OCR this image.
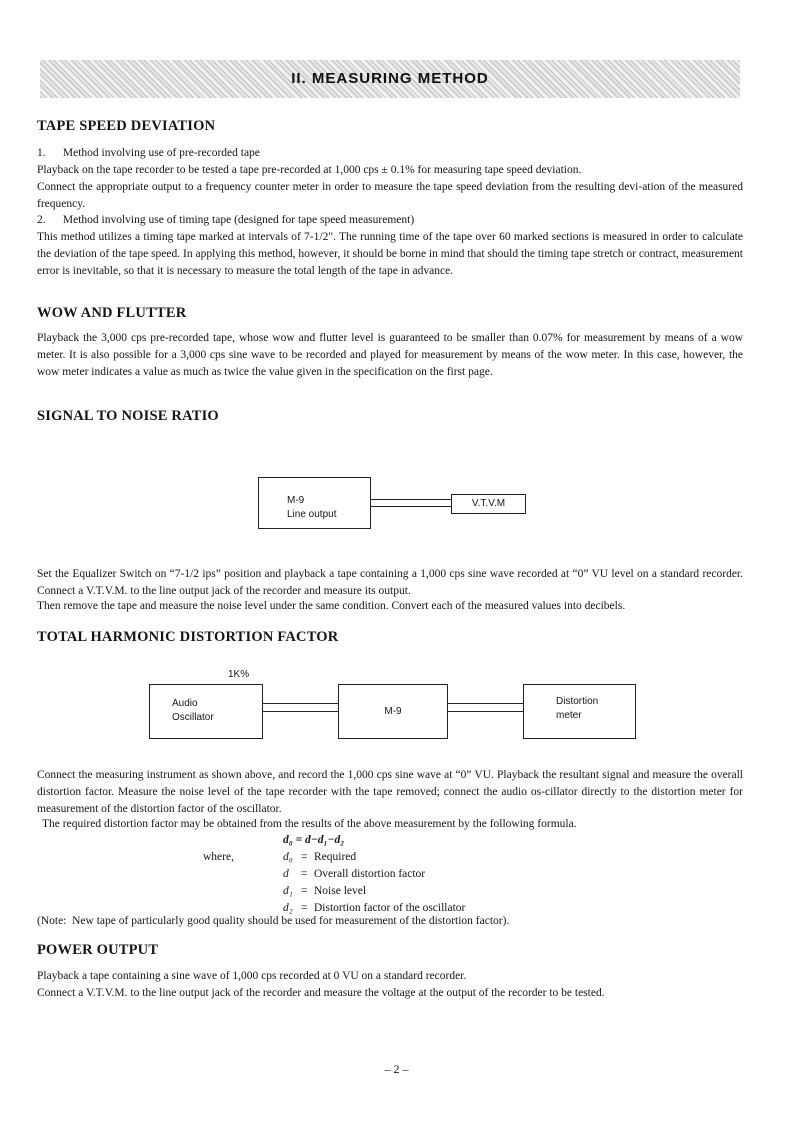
II. MEASURING METHOD
TAPE SPEED DEVIATION

1.      Method involving use of pre-recorded tape

Playback on the tape recorder to be tested a tape pre-recorded at 1,000 cps ± 0.1% for measuring tape speed deviation.

Connect the appropriate output to a frequency counter meter in order to measure the tape speed deviation from the resulting devi-ation of the measured frequency.

2.      Method involving use of timing tape (designed for tape speed measurement)

This method utilizes a timing tape marked at intervals of 7-1/2". The running time of the tape over 60 marked sections is measured in order to calculate the deviation of the tape speed. In applying this method, however, it should be borne in mind that should the timing tape stretch or contract, measurement error is inevitable, so that it is necessary to measure the total length of the tape in advance.

WOW AND FLUTTER

Playback the 3,000 cps pre-recorded tape, whose wow and flutter level is guaranteed to be smaller than 0.07% for measurement by means of a wow meter. It is also possible for a 3,000 cps sine wave to be recorded and played for measurement by means of the wow meter. In this case, however, the wow meter indicates a value as much as twice the value given in the specification on the first page.

SIGNAL TO NOISE RATIO
M-9
Line output
V.T.V.M

Set the Equalizer Switch on “7-1/2 ips” position and playback a tape containing a 1,000 cps sine wave recorded at “0” VU level on a standard recorder. Connect a V.T.V.M. to the line output jack of the recorder and measure its output.

Then remove the tape and measure the noise level under the same condition. Convert each of the measured values into decibels.

TOTAL HARMONIC DISTORTION FACTOR
1K%
Audio
Oscillator
M-9
Distortion
meter

Connect the measuring instrument as shown above, and record the 1,000 cps sine wave at “0” VU. Playback the resultant signal and measure the overall distortion factor. Measure the noise level of the tape recorder with the tape removed; connect the audio os-cillator directly to the distortion meter for measurement of the distortion factor of the oscillator.

The required distortion factor may be obtained from the results of the above measurement by the following formula.

d₀ = d−d₁−d₂
where,	d₀ = Required
d = Overall distortion factor
d₁ = Noise level
d₂ = Distortion factor of the oscillator

(Note:  New tape of particularly good quality should be used for measurement of the distortion factor).

POWER OUTPUT

Playback a tape containing a sine wave of 1,000 cps recorded at 0 VU on a standard recorder.

Connect a V.T.V.M. to the line output jack of the recorder and measure the voltage at the output of the recorder to be tested.

– 2 –
